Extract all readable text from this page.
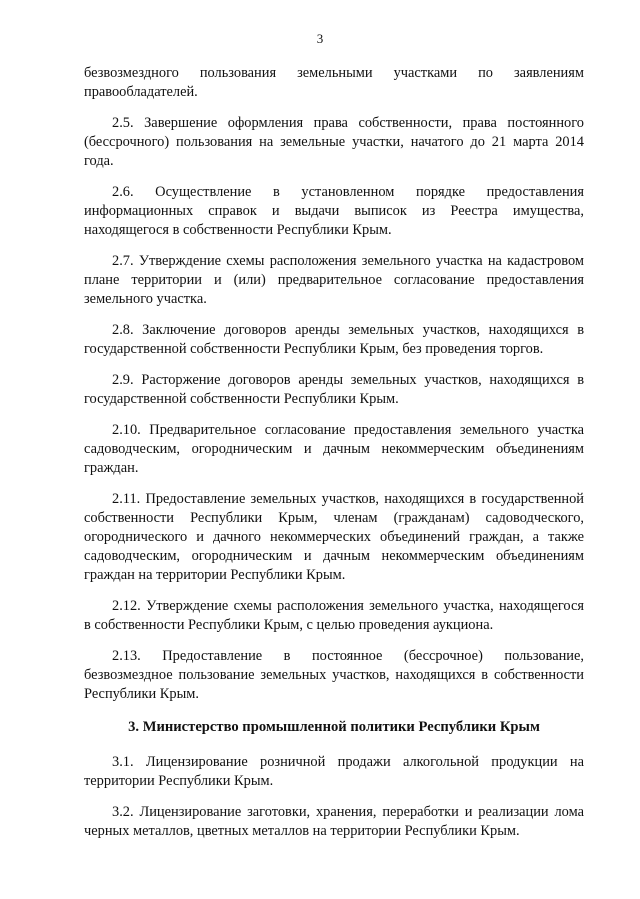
3

безвозмездного пользования земельными участками по заявлениям правообладателей.

2.5. Завершение оформления права собственности, права постоянного (бессрочного) пользования на земельные участки, начатого до 21 марта 2014 года.

2.6. Осуществление в установленном порядке предоставления информационных справок и выдачи выписок из Реестра имущества, находящегося в собственности Республики Крым.

2.7. Утверждение схемы расположения земельного участка на кадастровом плане территории и (или) предварительное согласование предоставления земельного участка.

2.8. Заключение договоров аренды земельных участков, находящихся в государственной собственности Республики Крым, без проведения торгов.

2.9. Расторжение договоров аренды земельных участков, находящихся в государственной собственности Республики Крым.

2.10. Предварительное согласование предоставления земельного участка садоводческим, огородническим и дачным некоммерческим объединениям граждан.

2.11. Предоставление земельных участков, находящихся в государственной собственности Республики Крым, членам (гражданам) садоводческого, огороднического и дачного некоммерческих объединений граждан, а также садоводческим, огородническим и дачным некоммерческим объединениям граждан на территории Республики Крым.

2.12. Утверждение схемы расположения земельного участка, находящегося в собственности Республики Крым, с целью проведения аукциона.

2.13. Предоставление в постоянное (бессрочное) пользование, безвозмездное пользование земельных участков, находящихся в собственности Республики Крым.

3. Министерство промышленной политики Республики Крым

3.1. Лицензирование розничной продажи алкогольной продукции на территории Республики Крым.

3.2. Лицензирование заготовки, хранения, переработки и реализации лома черных металлов, цветных металлов на территории Республики Крым.
